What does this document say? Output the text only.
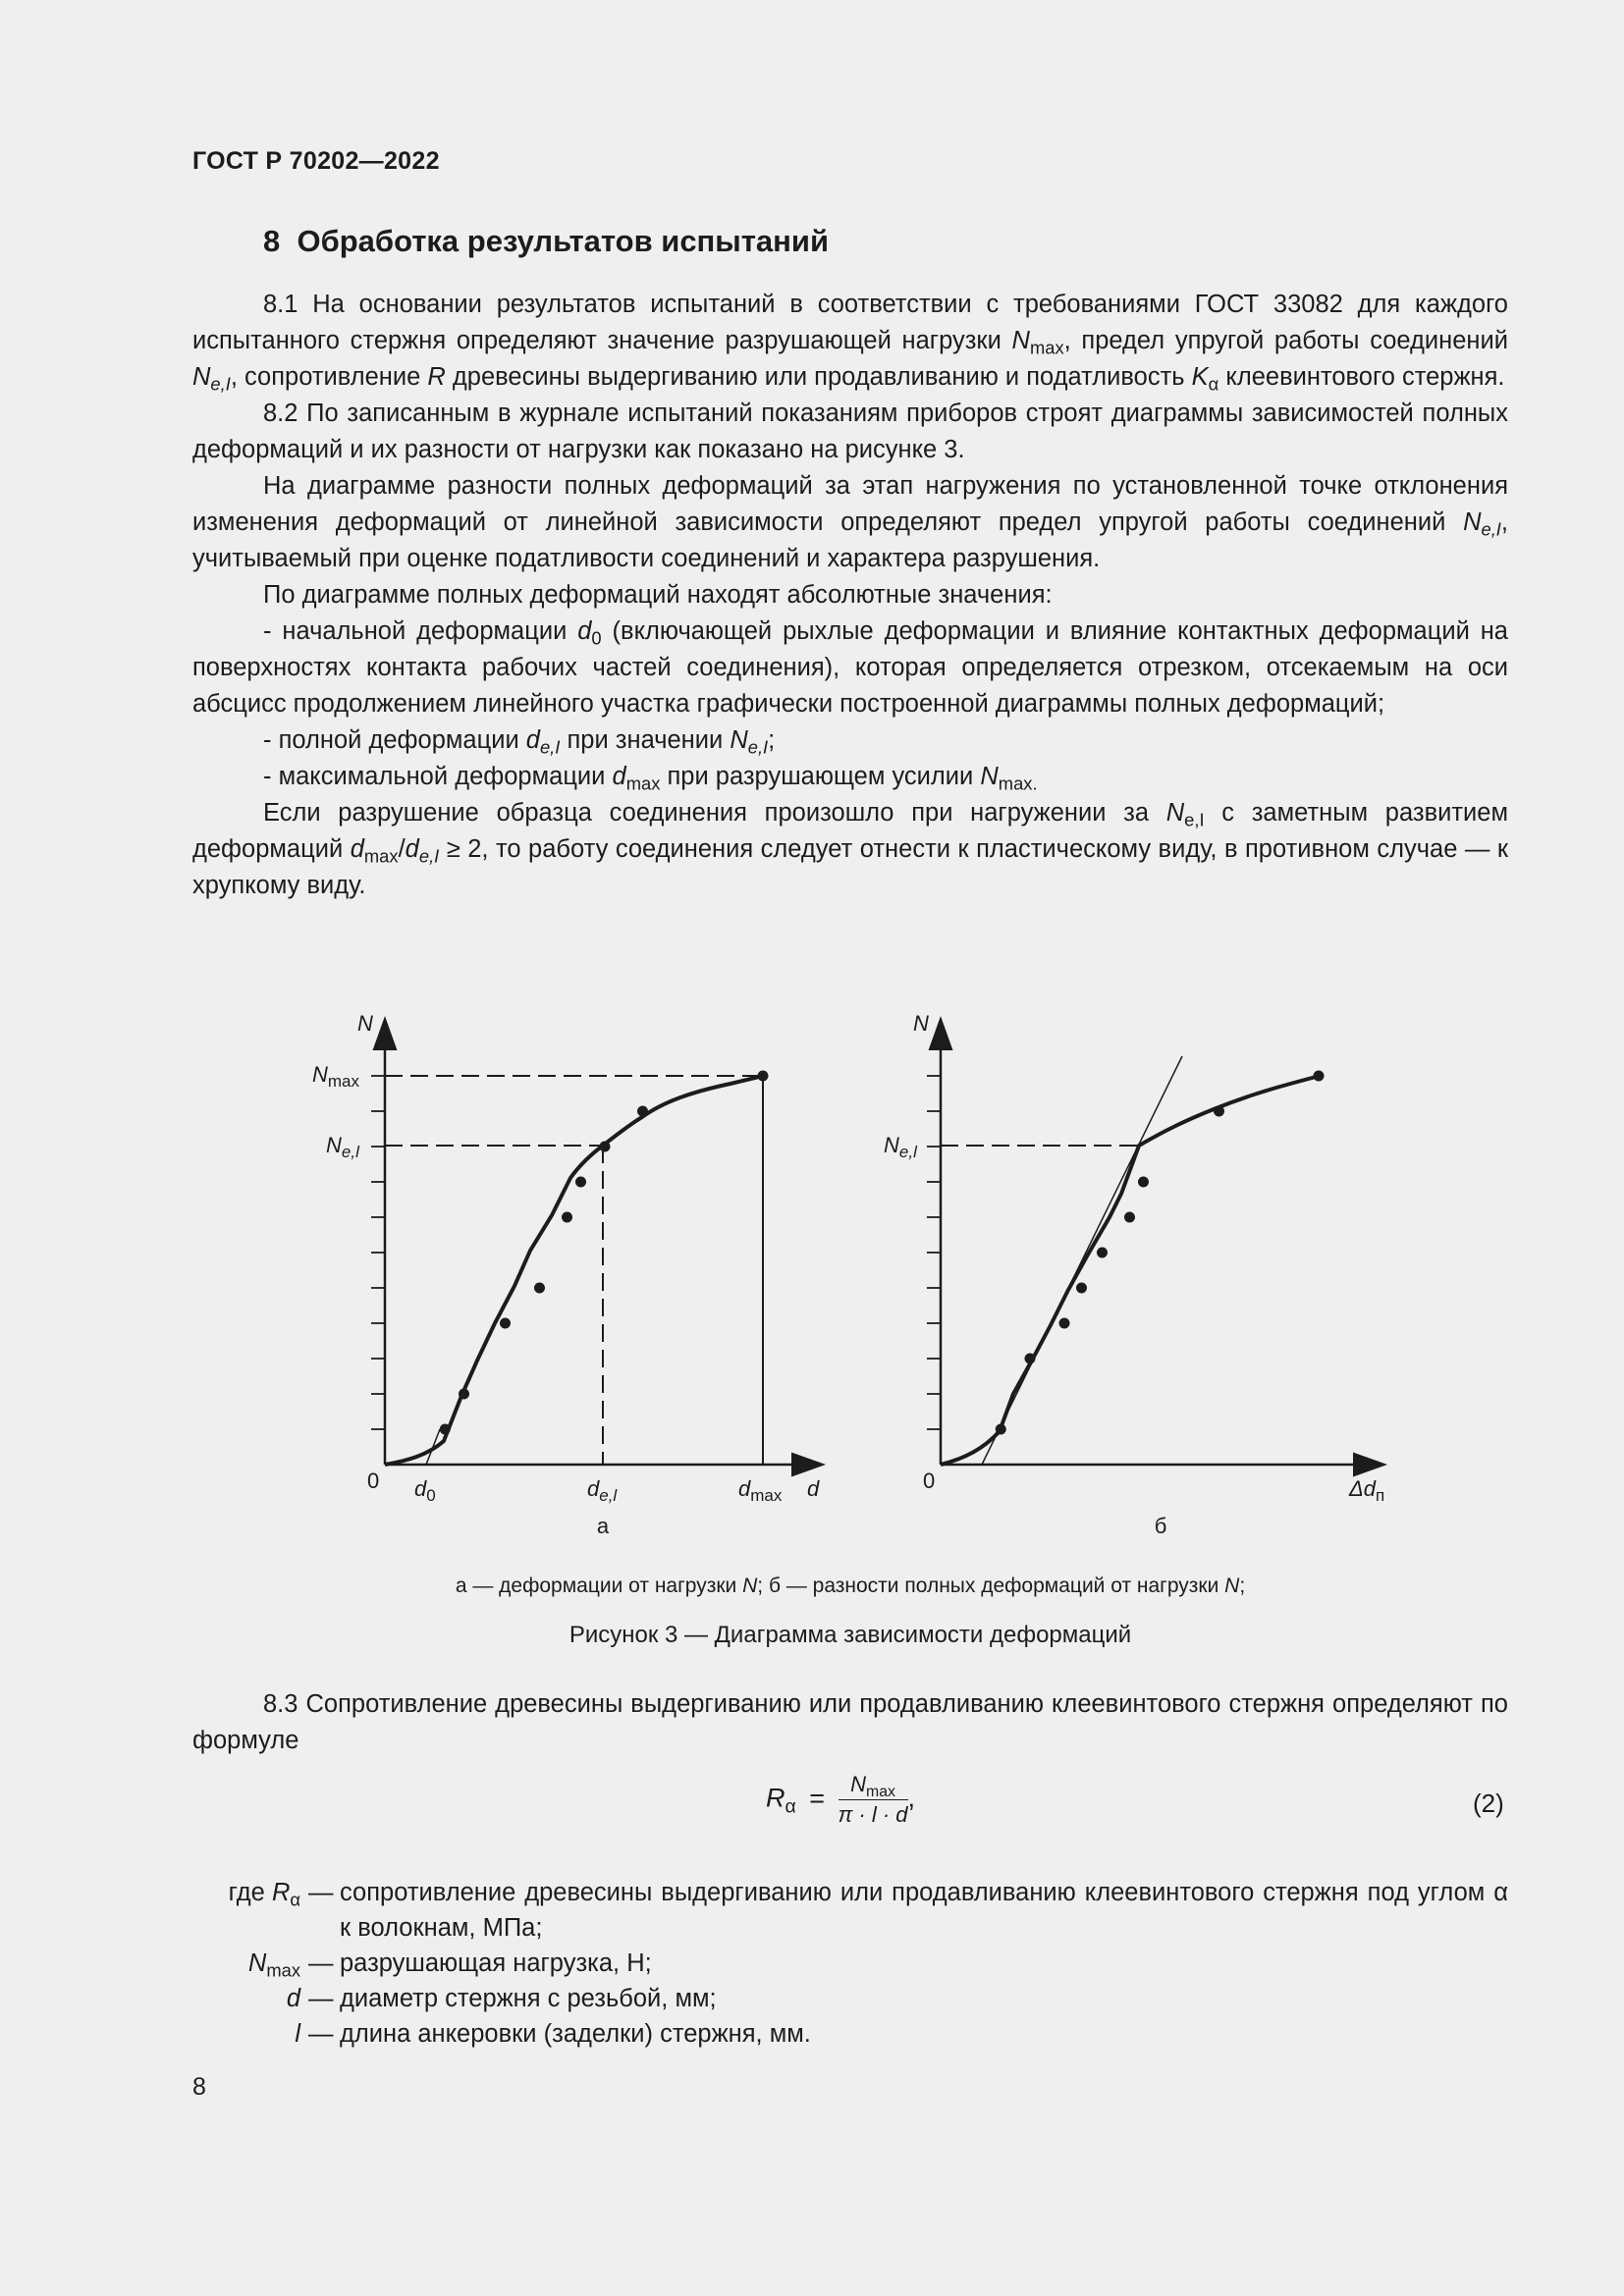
ГОСТ Р 70202—2022
8 Обработка результатов испытаний

8.1 На основании результатов испытаний в соответствии с требованиями ГОСТ 33082 для каждого испытанного стержня определяют значение разрушающей нагрузки $N_{max}$, предел упругой работы соединений $N_{e,I}$, сопротивление R древесины выдергиванию или продавливанию и податливость $K_\alpha$ клеевинтового стержня.

8.2 По записанным в журнале испытаний показаниям приборов строят диаграммы зависимостей полных деформаций и их разности от нагрузки как показано на рисунке 3.

На диаграмме разности полных деформаций за этап нагружения по установленной точке отклонения изменения деформаций от линейной зависимости определяют предел упругой работы соединений $N_{e,I}$, учитываемый при оценке податливости соединений и характера разрушения.

По диаграмме полных деформаций находят абсолютные значения:

- начальной деформации $d_0$ (включающей рыхлые деформации и влияние контактных деформаций на поверхностях контакта рабочих частей соединения), которая определяется отрезком, отсекаемым на оси абсцисс продолжением линейного участка графически построенной диаграммы полных деформаций;

- полной деформации $d_{e,I}$ при значении $N_{e,I}$;

- максимальной деформации $d_{max}$ при разрушающем усилии $N_{max.}$

Если разрушение образца соединения произошло при нагружении за $N_{e,I}$ с заметным развитием деформаций $d_{max}/d_{e,I} \ge 2$, то работу соединения следует отнести к пластическому виду, в противном случае — к хрупкому виду.

N
$N_{max}$
$N_{e,l}$
0 $d_0$	$d_{e,l}$	$d_{max}$ d
а
N
$N_{e,l}$
0	$\Delta d_п$
б
а — деформации от нагрузки N; б — разности полных деформаций от нагрузки N;
Рисунок 3 — Диаграмма зависимости деформаций

8.3 Сопротивление древесины выдергиванию или продавливанию клеевинтового стержня определяют по формуле

$R_\alpha = \frac{N_{max}}{\pi \cdot l \cdot d}$ ,	(2)
где $R_\alpha$ — сопротивление древесины выдергиванию или продавливанию клеевинтового стержня под углом α к волокнам, МПа;
$N_{max}$ — разрушающая нагрузка, Н;
d — диаметр стержня с резьбой, мм;
l — длина анкеровки (заделки) стержня, мм.
8
